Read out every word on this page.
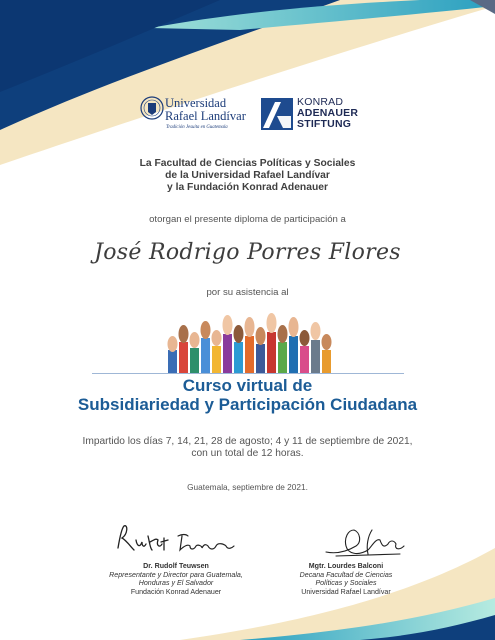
Universidad
Rafael Landívar
Tradición Jesuita en Guatemala
KONRAD
ADENAUER
STIFTUNG
La Facultad de Ciencias Políticas y Sociales
de la Universidad Rafael Landívar
y la Fundación Konrad Adenauer
otorgan el presente diploma de participación a
José Rodrigo Porres Flores
por su asistencia al
Curso virtual de
Subsidiariedad y Participación Ciudadana
Impartido los días 7, 14, 21, 28 de agosto; 4 y 11 de septiembre de 2021,
con un total de 12 horas.
Guatemala, septiembre de 2021.
Dr. Rudolf Teuwsen
Representante y Director para Guatemala,
Honduras y El Salvador
Fundación Konrad Adenauer
Mgtr. Lourdes Balconi
Decana Facultad de Ciencias
Políticas y Sociales
Universidad Rafael Landívar
